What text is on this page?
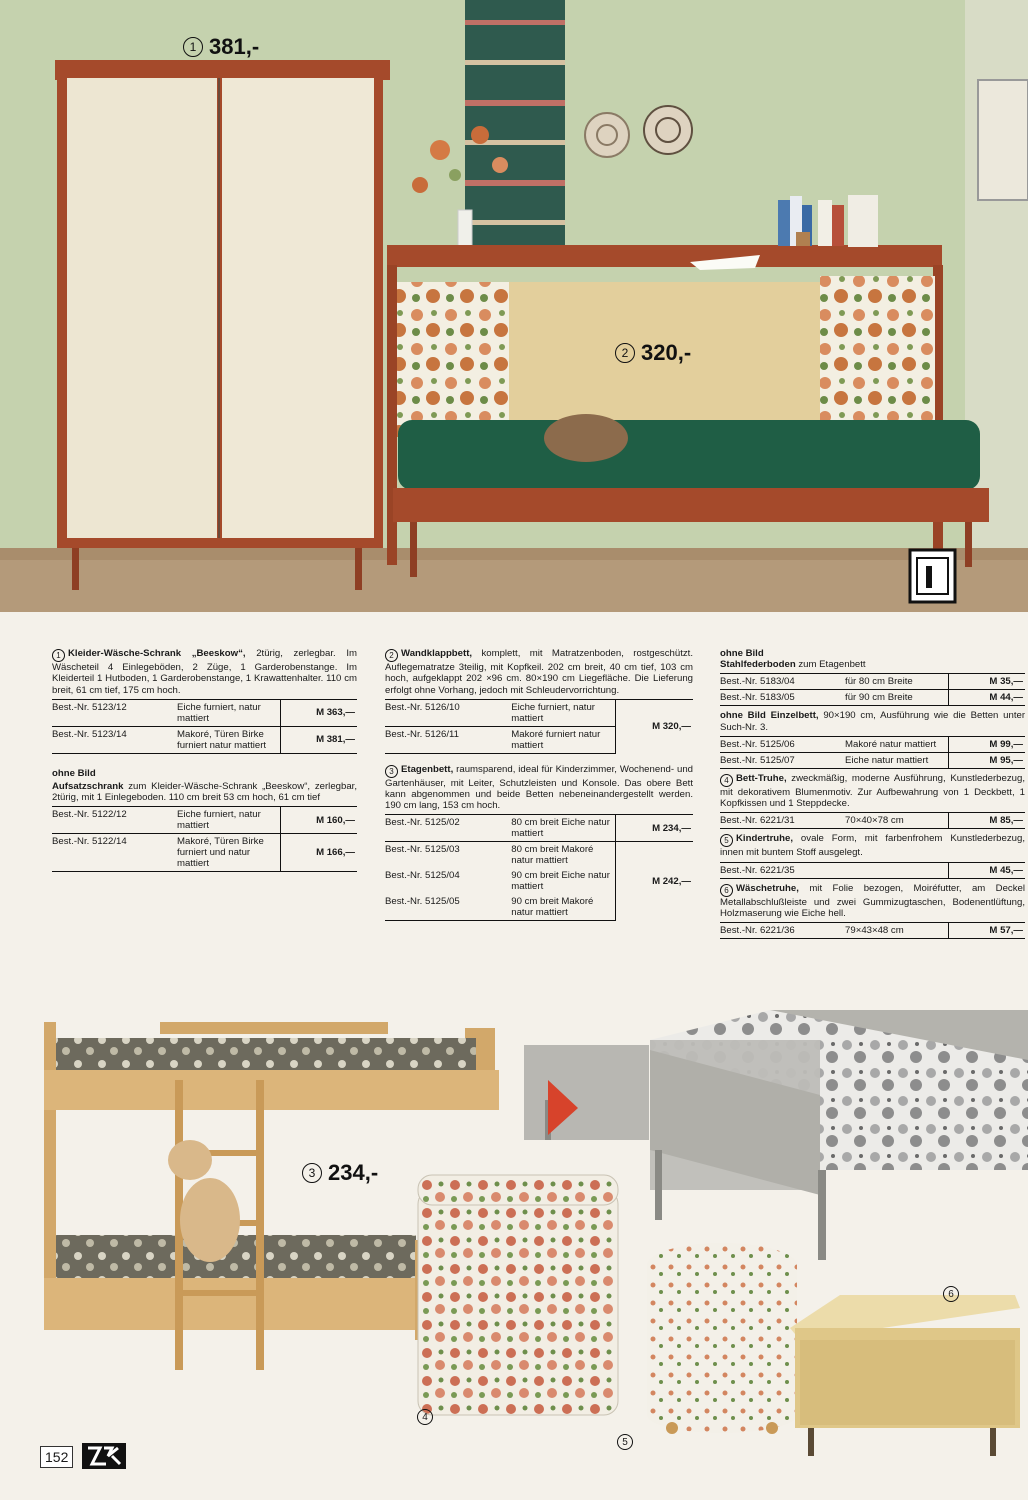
1 381,-
2 320,-
1 Kleider-Wäsche-Schrank „Beeskow“, 2türig, zerlegbar. Im Wäscheteil 4 Einlegeböden, 2 Züge, 1 Garderobenstange. Im Kleiderteil 1 Hutboden, 1 Garderobenstange, 1 Krawattenhalter. 110 cm breit, 61 cm tief, 175 cm hoch.
Best.-Nr. 5123/12	Eiche furniert, natur mattiert	M 363,—
Best.-Nr. 5123/14	Makoré, Türen Birke furniert natur mattiert	M 381,—
ohne Bild
Aufsatzschrank zum Kleider-Wäsche-Schrank „Beeskow“, zerlegbar, 2türig, mit 1 Einlegeboden. 110 cm breit 53 cm hoch, 61 cm tief
Best.-Nr. 5122/12	Eiche furniert, natur mattiert	M 160,—
Best.-Nr. 5122/14	Makoré, Türen Birke furniert und natur mattiert	M 166,—
2 Wandklappbett, komplett, mit Matratzenboden, rostgeschützt. Auflegematratze 3teilig, mit Kopfkeil. 202 cm breit, 40 cm tief, 103 cm hoch, aufgeklappt 202 ×96 cm. 80×190 cm Liegefläche. Die Lieferung erfolgt ohne Vorhang, jedoch mit Schleudervorrichtung.
Best.-Nr. 5126/10	Eiche furniert, natur mattiert	M 320,—
Best.-Nr. 5126/11	Makoré furniert natur mattiert	
3 Etagenbett, raumsparend, ideal für Kinderzimmer, Wochenend- und Gartenhäuser, mit Leiter, Schutzleisten und Konsole. Das obere Bett kann abgenommen und beide Betten nebeneinandergestellt werden. 190 cm lang, 153 cm hoch.
Best.-Nr. 5125/02	80 cm breit Eiche natur mattiert	M 234,—
Best.-Nr. 5125/03	80 cm breit Makoré natur mattiert	M 242,—
Best.-Nr. 5125/04	90 cm breit Eiche natur mattiert	
Best.-Nr. 5125/05	90 cm breit Makoré natur mattiert	
ohne Bild
Stahlfederboden zum Etagenbett
Best.-Nr. 5183/04	für 80 cm Breite	M 35,—
Best.-Nr. 5183/05	für 90 cm Breite	M 44,—
ohne Bild Einzelbett, 90×190 cm, Ausführung wie die Betten unter Such-Nr. 3.
Best.-Nr. 5125/06	Makoré natur mattiert	M 99,—
Best.-Nr. 5125/07	Eiche natur mattiert	M 95,—
4 Bett-Truhe, zweckmäßig, moderne Ausführung, Kunstlederbezug, mit dekorativem Blumenmotiv. Zur Aufbewahrung von 1 Deckbett, 1 Kopfkissen und 1 Steppdecke.
Best.-Nr. 6221/31	70×40×78 cm	M 85,—
5 Kindertruhe, ovale Form, mit farbenfrohem Kunstlederbezug, innen mit buntem Stoff ausgelegt.
Best.-Nr. 6221/35		M 45,—
6 Wäschetruhe, mit Folie bezogen, Moiréfutter, am Deckel Metallabschlußleiste und zwei Gummizugtaschen, Bodenentlüftung, Holzmaserung wie Eiche hell.
Best.-Nr. 6221/36	79×43×48 cm	M 57,—
3 234,-
4
5
6
152
